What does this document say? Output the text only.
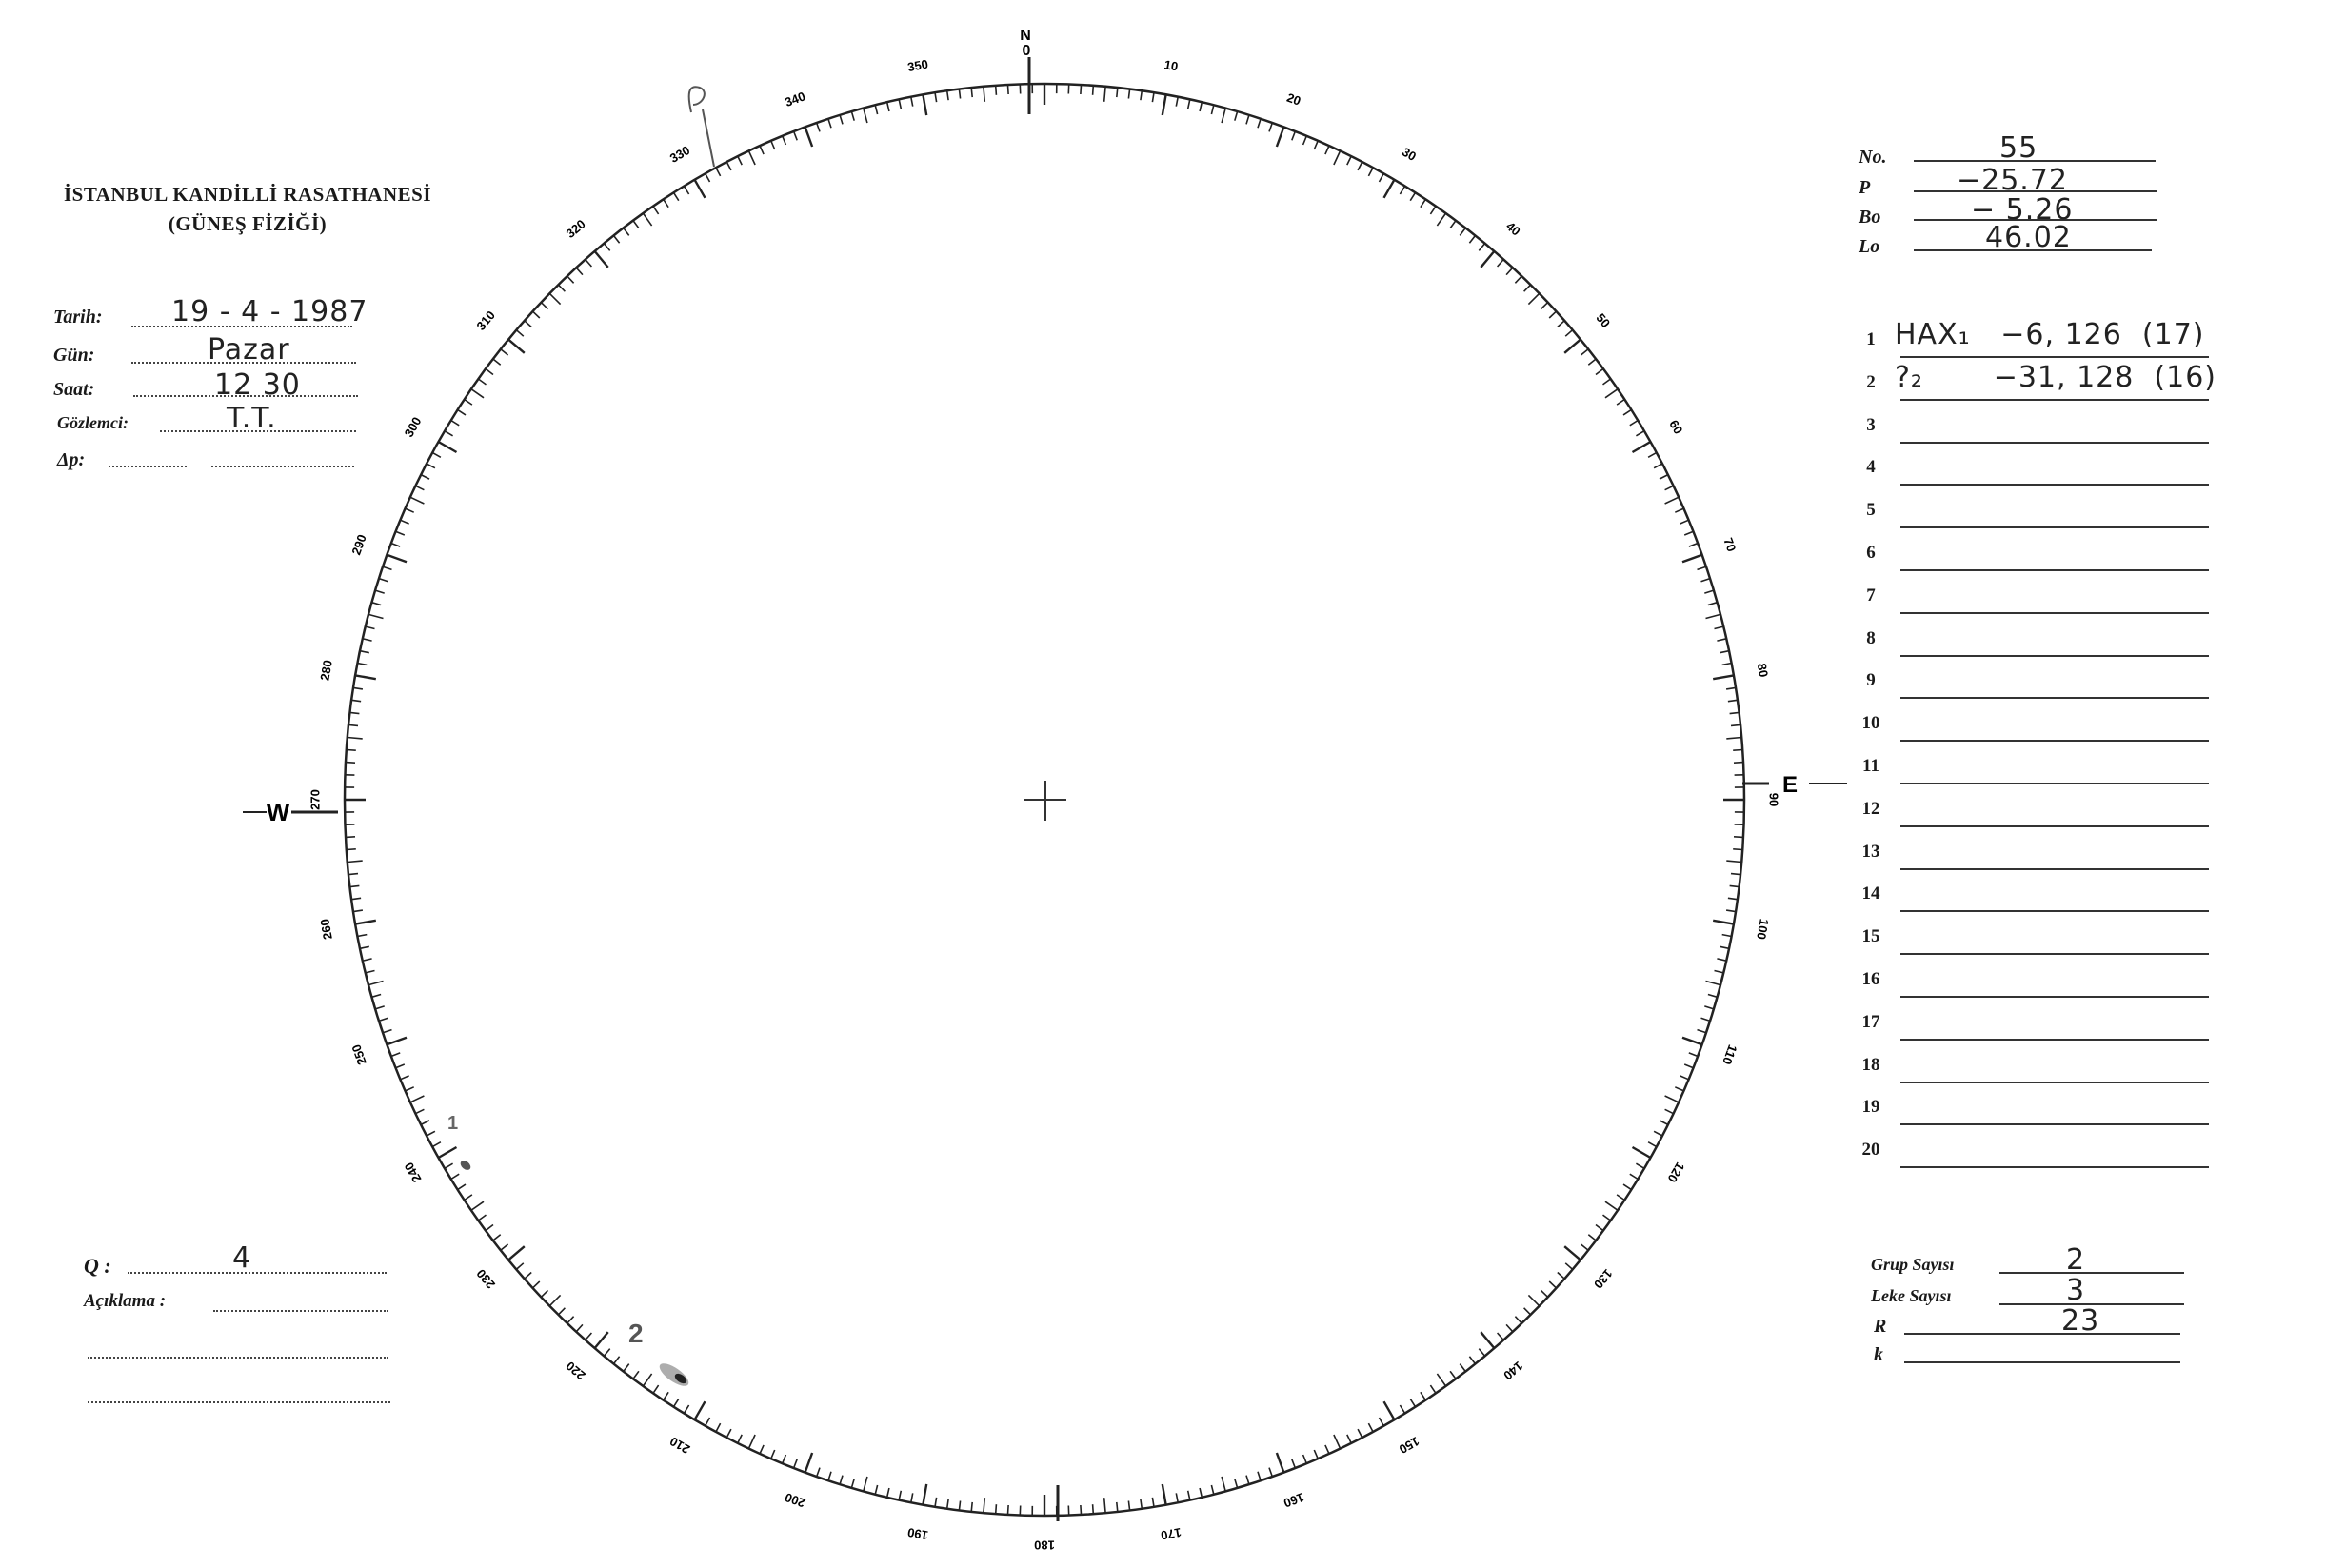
İSTANBUL KANDİLLİ RASATHANESİ
(GÜNEŞ FİZİĞİ)
Tarih: 19 - 4 - 1987
Gün:	Pazar
Saat:	12 30
Gözlemci:	T.T.
Δp:
No.	55
P	−25.72
Bo	− 5.26
Lo	46.02
1 HAX₁   −6, 126  (17)
2 ?₂       −31, 128  (16)
3
4
5
6
7
8
9
10
11
12
13
14
15
16
17
18
19
20
Grup Sayısı	2
Leke Sayısı	3
R	23
k
Q :	4
Açıklama :
10
20
30
40
50
60
70
80
90
100
110
120
130
140
150
160
170
180
190
200
210
220
230
240
250
260
270
280
290
300
310
320
330
340
350
N
0
E
W
1
2
